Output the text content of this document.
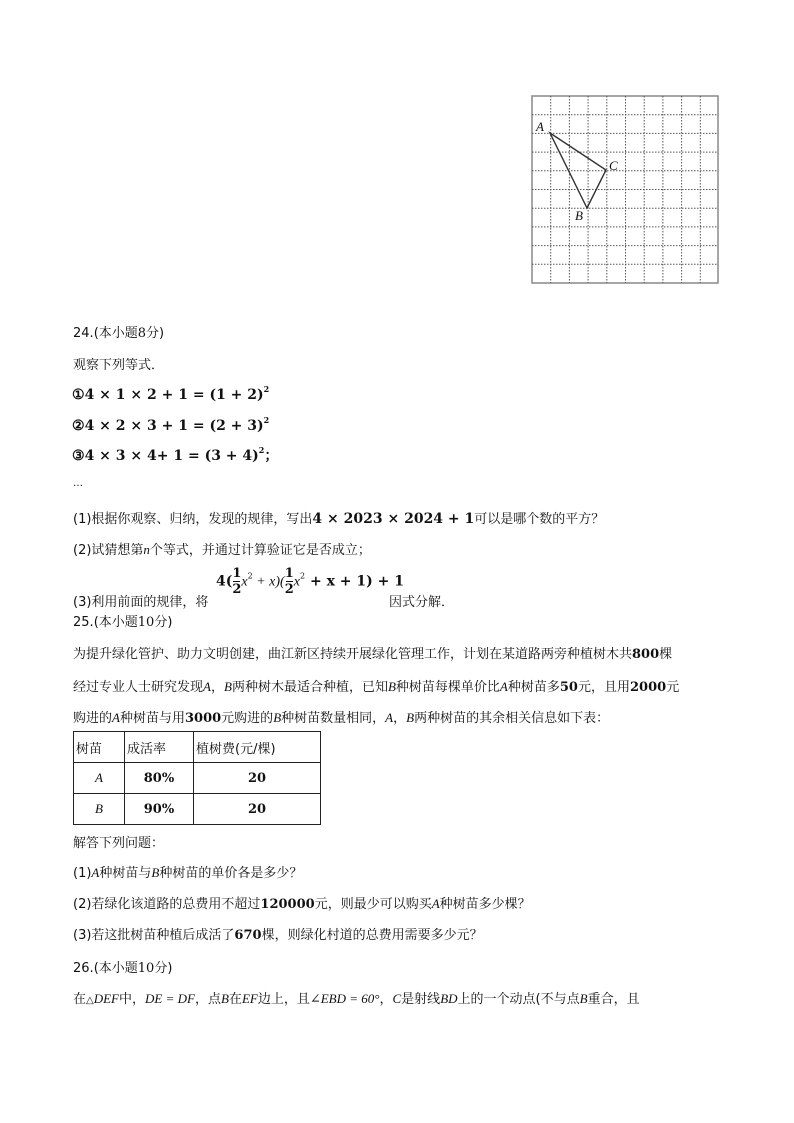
A
C
B
24.(本小题8分)
观察下列等式．
①4 × $1 \times 2 + 1 = (1 + 2)^2$
②4 × $2 \times 3 + 1 = (2 + 3)^2$
③4 × $3 \times 4+ 1 = (3 + 4)^2$；
…
(1)根据你观察、归纳，发现的规律，写出4 × 2023 × 2024 + 1可以是哪个数的平方？
(2)试猜想第n个等式，并通过计算验证它是否成立；
(3)利用前面的规律，将
$4( \frac{1}{2} x^2 + x)( \frac{1}{2} x^2 + x + 1) + 1$
因式分解．
25.(本小题10分)
为提升绿化管护、助力文明创建，曲江新区持续开展绿化管理工作，计划在某道路两旁种植树木共800棵
经过专业人士研究发现A，B两种树木最适合种植，已知B种树苗每棵单价比A种树苗多50元，且用2000元
购进的A种树苗与用3000元购进的B种树苗数量相同，A，B两种树苗的其余相关信息如下表：
树苗	成活率	植树费(元/棵)
A	80%	20
B	90%	20
解答下列问题：
(1)A种树苗与B种树苗的单价各是多少？
(2)若绿化该道路的总费用不超过120000元，则最少可以购买A种树苗多少棵？
(3)若这批树苗种植后成活了670棵，则绿化村道的总费用需要多少元？
26.(本小题10分)
在△DEF中，DE = DF，点B在EF边上，且∠EBD = 60°，C是射线BD上的一个动点(不与点B重合，且
